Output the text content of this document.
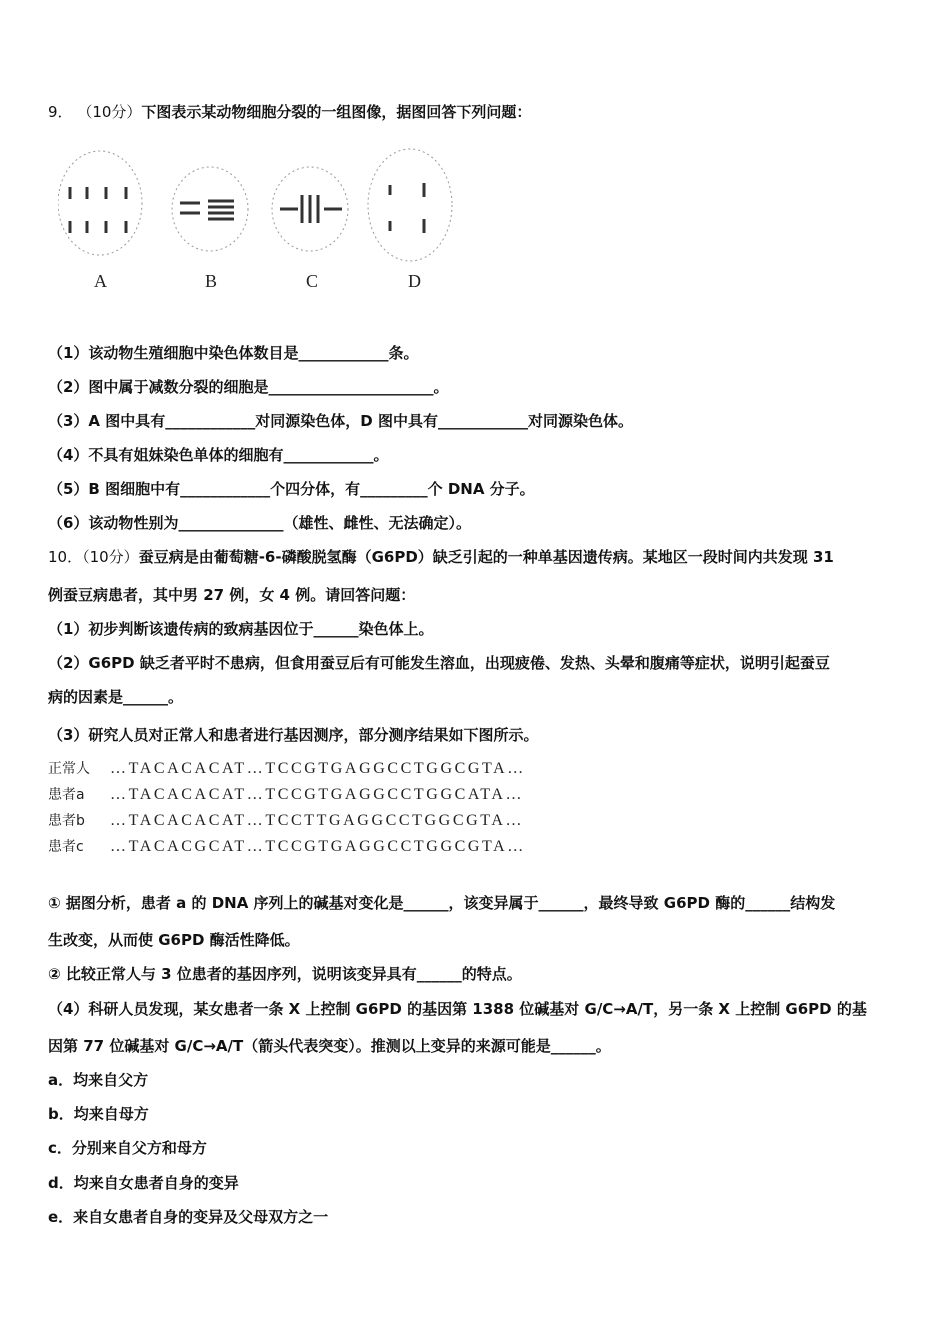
9． （10分）下图表示某动物细胞分裂的一组图像，据图回答下列问题：
A	B	C	D
（1）该动物生殖细胞中染色体数目是____________条。
（2）图中属于减数分裂的细胞是______________________。
（3）A 图中具有____________对同源染色体，D 图中具有____________对同源染色体。
（4）不具有姐妹染色单体的细胞有____________。
（5）B 图细胞中有____________个四分体，有_________个 DNA 分子。
（6）该动物性别为______________（雄性、雌性、无法确定）。
10．（10分）蚕豆病是由葡萄糖-6-磷酸脱氢酶（G6PD）缺乏引起的一种单基因遗传病。某地区一段时间内共发现 31
例蚕豆病患者，其中男 27 例，女 4 例。请回答问题：
（1）初步判断该遗传病的致病基因位于______染色体上。
（2）G6PD 缺乏者平时不患病，但食用蚕豆后有可能发生溶血，出现疲倦、发热、头晕和腹痛等症状，说明引起蚕豆
病的因素是______。
（3）研究人员对正常人和患者进行基因测序，部分测序结果如下图所示。
正常人 …TACACACAT…TCCGTGAGGCCTGGCGTA…
患者a …TACACACAT…TCCGTGAGGCCTGGCATA…
患者b …TACACACAT…TCCTTGAGGCCTGGCGTA…
患者c …TACACGCAT…TCCGTGAGGCCTGGCGTA…
① 据图分析，患者 a 的 DNA 序列上的碱基对变化是______，该变异属于______，最终导致 G6PD 酶的______结构发
生改变，从而使 G6PD 酶活性降低。
② 比较正常人与 3 位患者的基因序列，说明该变异具有______的特点。
（4）科研人员发现，某女患者一条 X 上控制 G6PD 的基因第 1388 位碱基对 G/C→A/T，另一条 X 上控制 G6PD 的基
因第 77 位碱基对 G/C→A/T（箭头代表突变）。推测以上变异的来源可能是______。
a．均来自父方
b．均来自母方
c．分别来自父方和母方
d．均来自女患者自身的变异
e．来自女患者自身的变异及父母双方之一
